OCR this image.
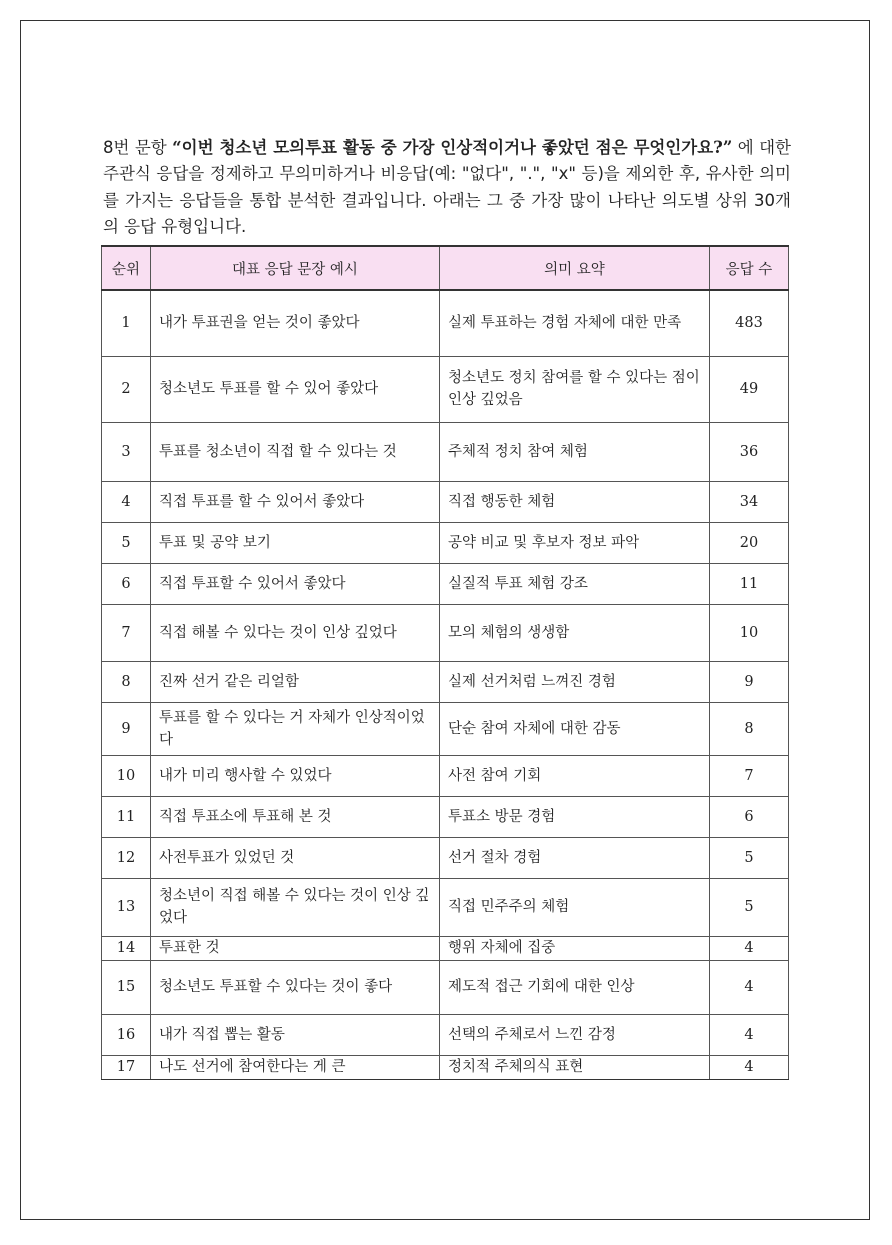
8번 문항 “이번 청소년 모의투표 활동 중 가장 인상적이거나 좋았던 점은 무엇인가요?” 에 대한 주관식 응답을 정제하고 무의미하거나 비응답(예: "없다", ".", "x" 등)을 제외한 후, 유사한 의미를 가지는 응답들을 통합 분석한 결과입니다. 아래는 그 중 가장 많이 나타난 의도별 상위 30개의 응답 유형입니다.

순위	대표 응답 문장 예시	의미 요약	응답 수
1	내가 투표권을 얻는 것이 좋았다	실제 투표하는 경험 자체에 대한 만족	483
2	청소년도 투표를 할 수 있어 좋았다	청소년도 정치 참여를 할 수 있다는 점이 인상 깊었음	49
3	투표를 청소년이 직접 할 수 있다는 것	주체적 정치 참여 체험	36
4	직접 투표를 할 수 있어서 좋았다	직접 행동한 체험	34
5	투표 및 공약 보기	공약 비교 및 후보자 정보 파악	20
6	직접 투표할 수 있어서 좋았다	실질적 투표 체험 강조	11
7	직접 해볼 수 있다는 것이 인상 깊었다	모의 체험의 생생함	10
8	진짜 선거 같은 리얼함	실제 선거처럼 느껴진 경험	9
9	투표를 할 수 있다는 거 자체가 인상적이었다	단순 참여 자체에 대한 감동	8
10	내가 미리 행사할 수 있었다	사전 참여 기회	7
11	직접 투표소에 투표해 본 것	투표소 방문 경험	6
12	사전투표가 있었던 것	선거 절차 경험	5
13	청소년이 직접 해볼 수 있다는 것이 인상 깊었다	직접 민주주의 체험	5
14	투표한 것	행위 자체에 집중	4
15	청소년도 투표할 수 있다는 것이 좋다	제도적 접근 기회에 대한 인상	4
16	내가 직접 뽑는 활동	선택의 주체로서 느낀 감정	4
17	나도 선거에 참여한다는 게 큰	정치적 주체의식 표현	4
